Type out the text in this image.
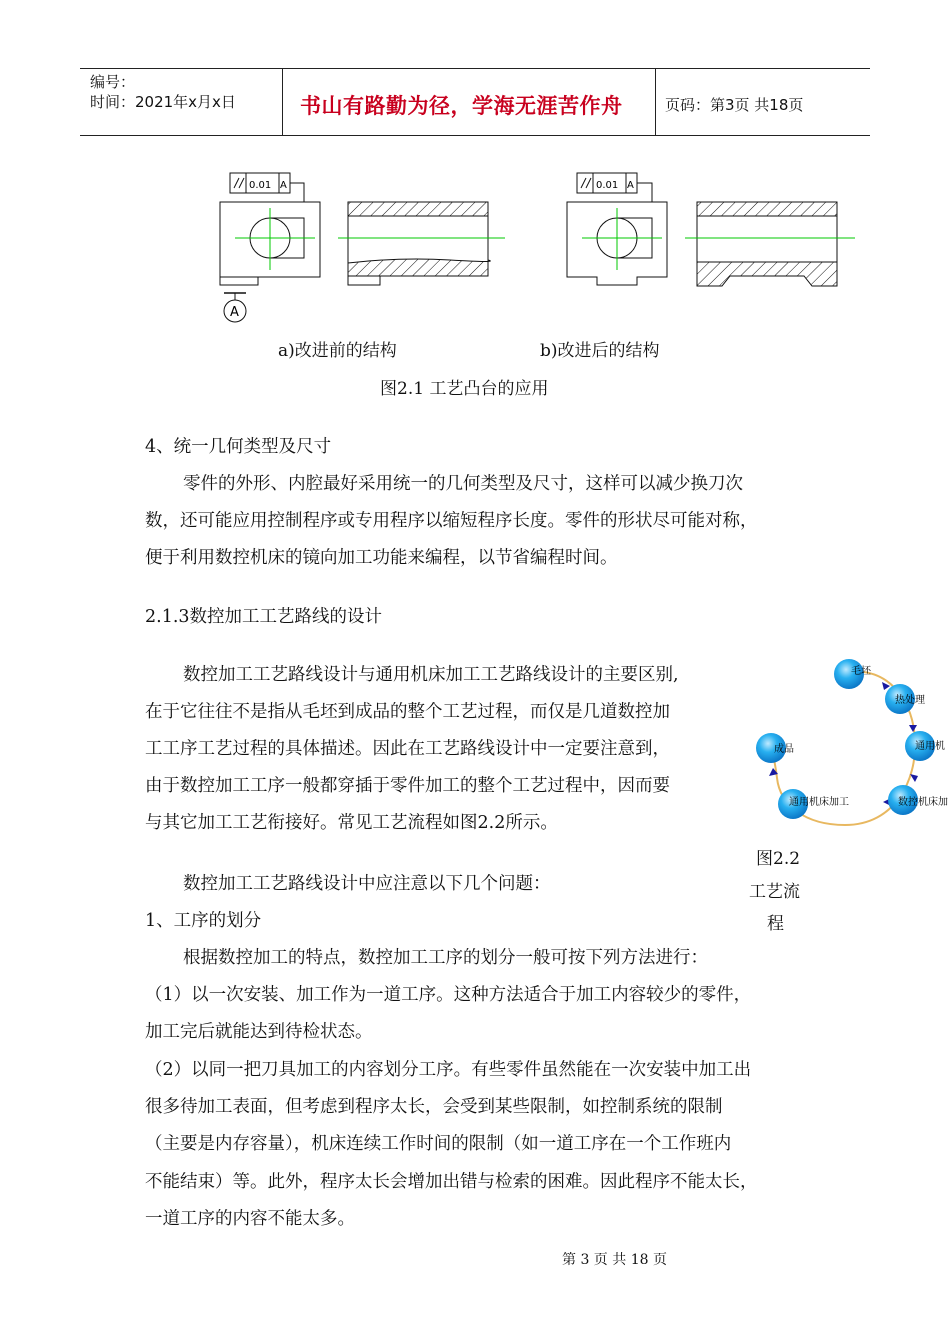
编号：
时间：2021年x月x日	书山有路勤为径，学海无涯苦作舟	页码：第3页 共18页
0.01 A
A
0.01 A
a)改进前的结构	b)改进后的结构
图2.1 工艺凸台的应用
4、统一几何类型及尺寸
零件的外形、内腔最好采用统一的几何类型及尺寸，这样可以减少换刀次
数，还可能应用控制程序或专用程序以缩短程序长度。零件的形状尽可能对称，
便于利用数控机床的镜向加工功能来编程，以节省编程时间。
2.1.3数控加工工艺路线的设计
数控加工工艺路线设计与通用机床加工工艺路线设计的主要区别,
在于它往往不是指从毛坯到成品的整个工艺过程，而仅是几道数控加
工工序工艺过程的具体描述。因此在工艺路线设计中一定要注意到，
由于数控加工工序一般都穿插于零件加工的整个工艺过程中，因而要
与其它加工工艺衔接好。常见工艺流程如图2.2所示。
毛坯
热处理
通用机
数控机床加
通用机床加工
成品
图2.2
工艺流
程
数控加工工艺路线设计中应注意以下几个问题：
1、工序的划分
根据数控加工的特点，数控加工工序的划分一般可按下列方法进行：
（1）以一次安装、加工作为一道工序。这种方法适合于加工内容较少的零件，
加工完后就能达到待检状态。
（2）以同一把刀具加工的内容划分工序。有些零件虽然能在一次安装中加工出
很多待加工表面，但考虑到程序太长，会受到某些限制，如控制系统的限制
（主要是内存容量），机床连续工作时间的限制（如一道工序在一个工作班内
不能结束）等。此外，程序太长会增加出错与检索的困难。因此程序不能太长，
一道工序的内容不能太多。
第 3 页 共 18 页
